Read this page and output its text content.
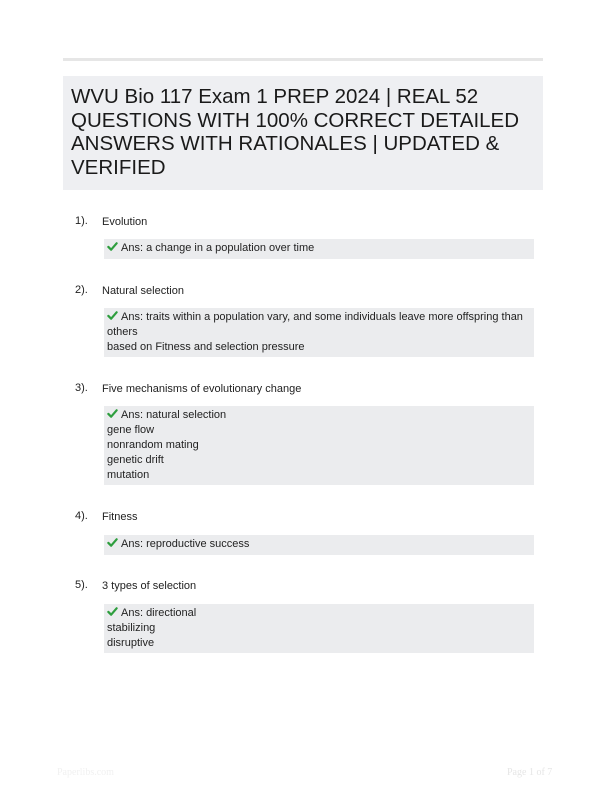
WVU Bio 117 Exam 1 PREP 2024 | REAL 52 QUESTIONS WITH 100% CORRECT DETAILED ANSWERS WITH RATIONALES | UPDATED & VERIFIED
1). Evolution
Ans: a change in a population over time
2). Natural selection
Ans: traits within a population vary, and some individuals leave more offspring than
others
based on Fitness and selection pressure
3). Five mechanisms of evolutionary change
Ans: natural selection
gene flow
nonrandom mating
genetic drift
mutation
4). Fitness
Ans: reproductive success
5). 3 types of selection
Ans: directional
stabilizing
disruptive
Paperlibs.com	Page 1 of 7
